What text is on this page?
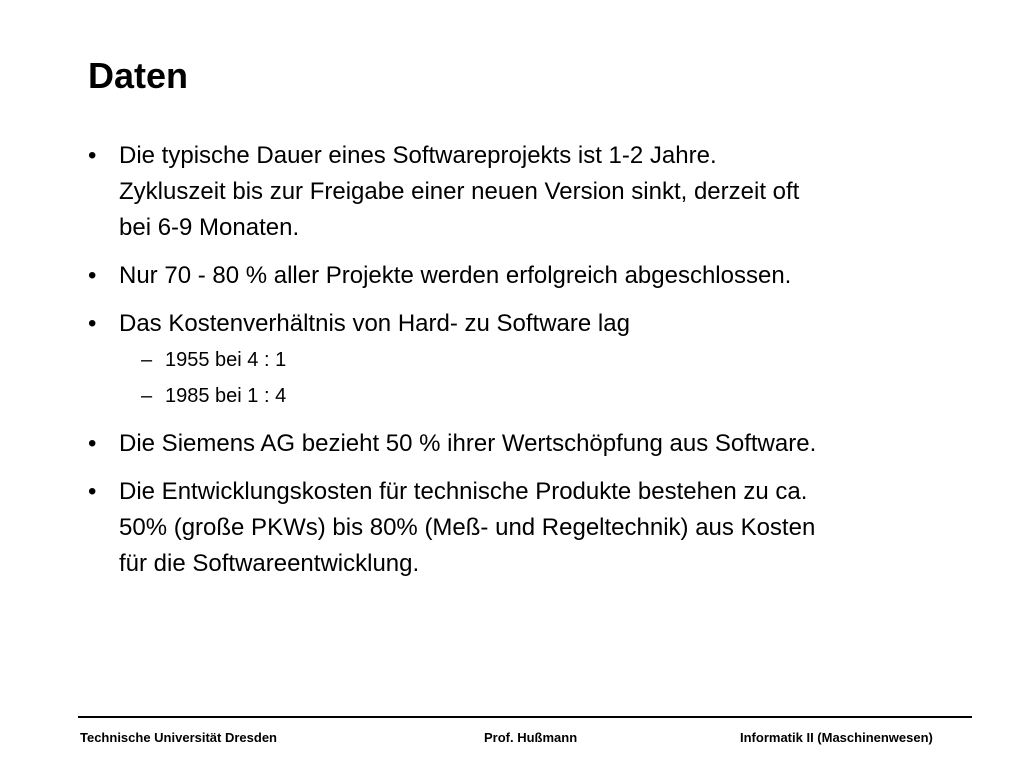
Daten
• Die typische Dauer eines Softwareprojekts ist 1-2 Jahre.
Zykluszeit bis zur Freigabe einer neuen Version sinkt, derzeit oft
bei 6-9 Monaten.
• Nur 70 - 80 % aller Projekte werden erfolgreich abgeschlossen.
• Das Kostenverhältnis von Hard- zu Software lag
– 1955 bei 4 : 1
– 1985 bei 1 : 4
• Die Siemens AG bezieht 50 % ihrer Wertschöpfung aus Software.
• Die Entwicklungskosten für technische Produkte bestehen zu ca.
50% (große PKWs) bis 80% (Meß- und Regeltechnik) aus Kosten
für die Softwareentwicklung.
Technische Universität Dresden	Prof. Hußmann	Informatik II (Maschinenwesen)
